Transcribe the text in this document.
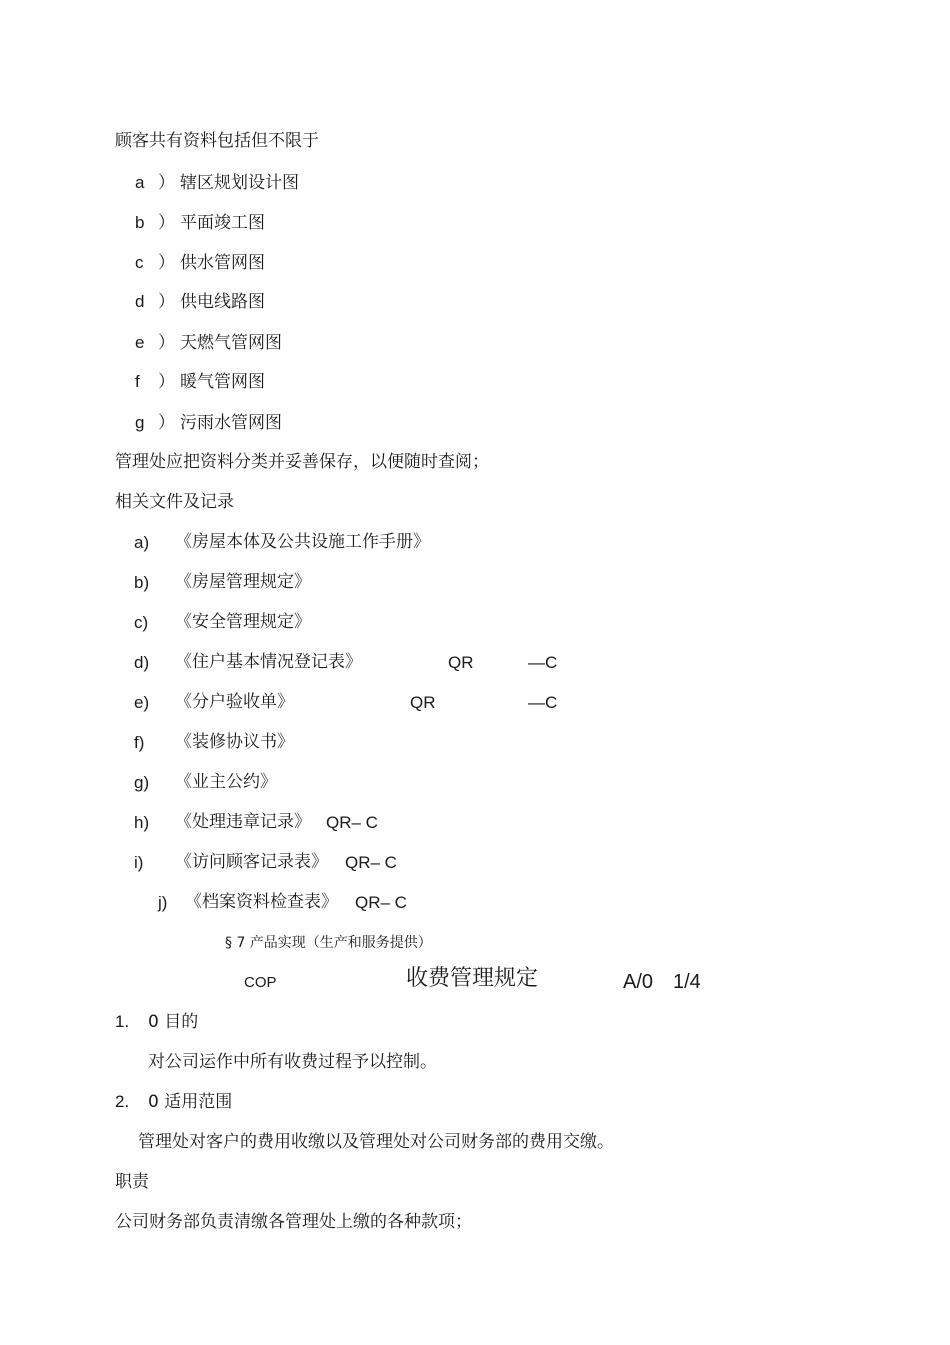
顾客共有资料包括但不限于
a ） 辖区规划设计图
b ） 平面竣工图
c ） 供水管网图
d ） 供电线路图
e ） 天燃气管网图
f ） 暖气管网图
g ） 污雨水管网图
管理处应把资料分类并妥善保存，以便随时查阅；
相关文件及记录
a) 《房屋本体及公共设施工作手册》
b) 《房屋管理规定》
c) 《安全管理规定》
d) 《住户基本情况登记表》	QR	—C
e) 《分户验收单》	QR	—C
f) 《装修协议书》
g) 《业主公约》
h) 《处理违章记录》 QR– C
i) 《访问顾客记录表》 QR– C
j) 《档案资料检查表》 QR– C
§ 7 产品实现（生产和服务提供）
COP	收费管理规定	A/0 1/4
1. 0 目的
对公司运作中所有收费过程予以控制。
2. 0 适用范围
管理处对客户的费用收缴以及管理处对公司财务部的费用交缴。
职责
公司财务部负责清缴各管理处上缴的各种款项；
